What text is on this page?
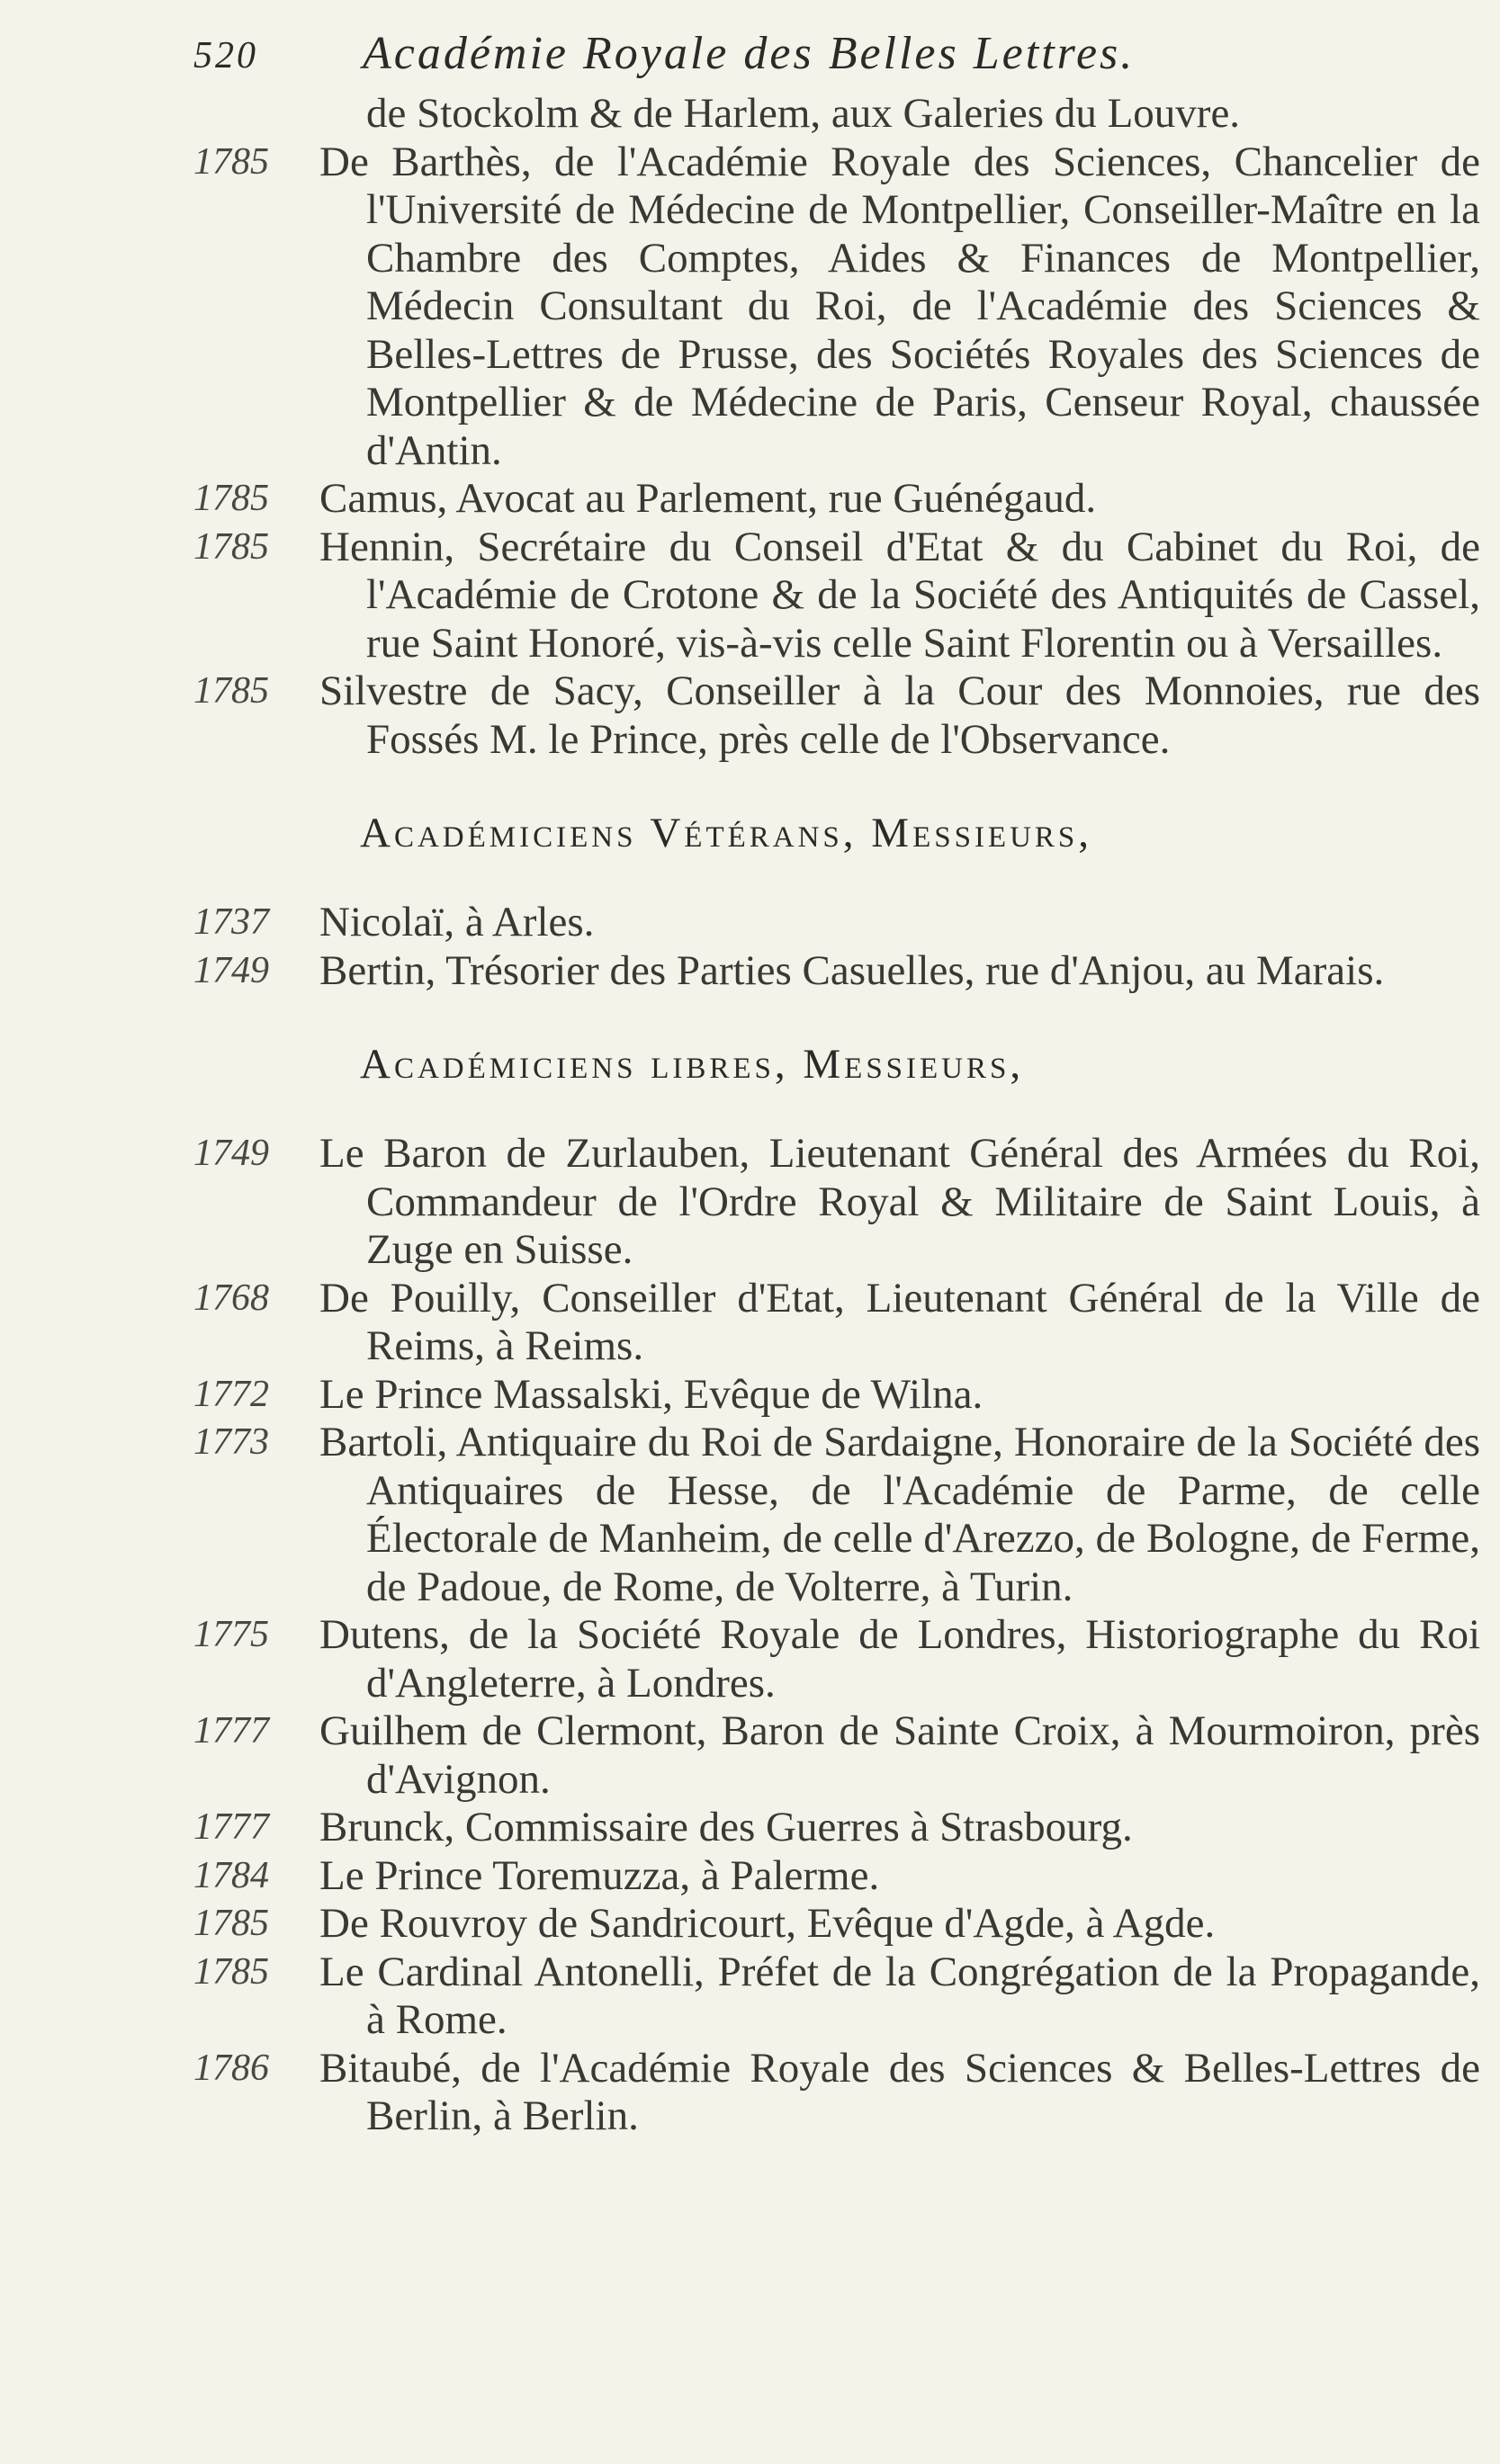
520 Académie Royale des Belles Lettres.
de Stockolm & de Harlem, aux Galeries du Louvre.
1785 De Barthès, de l'Académie Royale des Sciences, Chancelier de l'Université de Médecine de Montpellier, Conseiller-Maître en la Chambre des Comptes, Aides & Finances de Montpellier, Médecin Consultant du Roi, de l'Académie des Sciences & Belles-Lettres de Prusse, des Sociétés Royales des Sciences de Montpellier & de Médecine de Paris, Censeur Royal, chaussée d'Antin.
1785 Camus, Avocat au Parlement, rue Guénégaud.
1785 Hennin, Secrétaire du Conseil d'Etat & du Cabinet du Roi, de l'Académie de Crotone & de la Société des Antiquités de Cassel, rue Saint Honoré, vis-à-vis celle Saint Florentin ou à Versailles.
1785 Silvestre de Sacy, Conseiller à la Cour des Monnoies, rue des Fossés M. le Prince, près celle de l'Observance.
Académiciens Vétérans, Messieurs,
1737 Nicolaï, à Arles.
1749 Bertin, Trésorier des Parties Casuelles, rue d'Anjou, au Marais.
Académiciens libres, Messieurs,
1749 Le Baron de Zurlauben, Lieutenant Général des Armées du Roi, Commandeur de l'Ordre Royal & Militaire de Saint Louis, à Zuge en Suisse.
1768 De Pouilly, Conseiller d'Etat, Lieutenant Général de la Ville de Reims, à Reims.
1772 Le Prince Massalski, Evêque de Wilna.
1773 Bartoli, Antiquaire du Roi de Sardaigne, Honoraire de la Société des Antiquaires de Hesse, de l'Académie de Parme, de celle Électorale de Manheim, de celle d'Arezzo, de Bologne, de Ferme, de Padoue, de Rome, de Volterre, à Turin.
1775 Dutens, de la Société Royale de Londres, Historiographe du Roi d'Angleterre, à Londres.
1777 Guilhem de Clermont, Baron de Sainte Croix, à Mourmoiron, près d'Avignon.
1777 Brunck, Commissaire des Guerres à Strasbourg.
1784 Le Prince Toremuzza, à Palerme.
1785 De Rouvroy de Sandricourt, Evêque d'Agde, à Agde.
1785 Le Cardinal Antonelli, Préfet de la Congrégation de la Propagande, à Rome.
1786 Bitaubé, de l'Académie Royale des Sciences & Belles-Lettres de Berlin, à Berlin.
